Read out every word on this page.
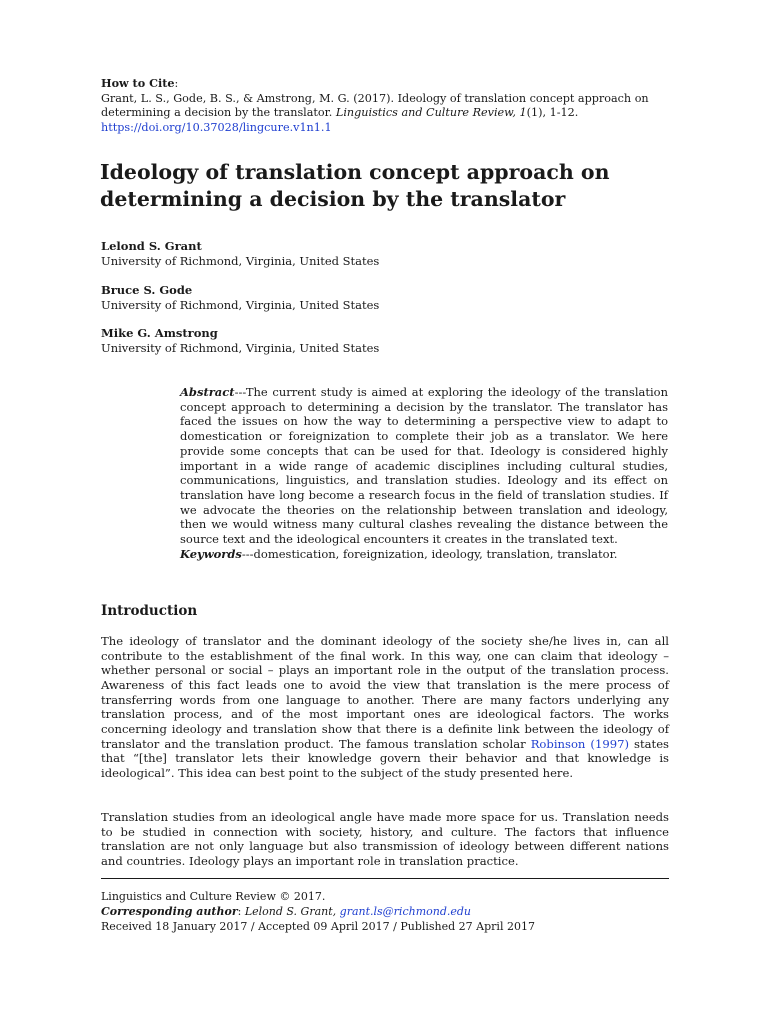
How to Cite:
Grant, L. S., Gode, B. S., & Amstrong, M. G. (2017). Ideology of translation concept approach on determining a decision by the translator. Linguistics and Culture Review, 1(1), 1-12.
https://doi.org/10.37028/lingcure.v1n1.1
Ideology of translation concept approach on determining a decision by the translator
Lelond S. Grant
University of Richmond, Virginia, United States
Bruce S. Gode
University of Richmond, Virginia, United States
Mike G. Amstrong
University of Richmond, Virginia, United States

Abstract---The current study is aimed at exploring the ideology of the translation concept approach to determining a decision by the translator. The translator has faced the issues on how the way to determining a perspective view to adapt to domestication or foreignization to complete their job as a translator. We here provide some concepts that can be used for that. Ideology is considered highly important in a wide range of academic disciplines including cultural studies, communications, linguistics, and translation studies. Ideology and its effect on translation have long become a research focus in the field of translation studies. If we advocate the theories on the relationship between translation and ideology, then we would witness many cultural clashes revealing the distance between the source text and the ideological encounters it creates in the translated text.

Keywords---domestication, foreignization, ideology, translation, translator.

Introduction

The ideology of translator and the dominant ideology of the society she/he lives in, can all contribute to the establishment of the final work. In this way, one can claim that ideology – whether personal or social – plays an important role in the output of the translation process. Awareness of this fact leads one to avoid the view that translation is the mere process of transferring words from one language to another. There are many factors underlying any translation process, and of the most important ones are ideological factors. The works concerning ideology and translation show that there is a definite link between the ideology of translator and the translation product. The famous translation scholar Robinson (1997) states that “[the] translator lets their knowledge govern their behavior and that knowledge is ideological”. This idea can best point to the subject of the study presented here.

Translation studies from an ideological angle have made more space for us. Translation needs to be studied in connection with society, history, and culture. The factors that influence translation are not only language but also transmission of ideology between different nations and countries. Ideology plays an important role in translation practice.

Linguistics and Culture Review © 2017.
Corresponding author: Lelond S. Grant, grant.ls@richmond.edu
Received 18 January 2017 / Accepted 09 April 2017 / Published 27 April 2017
